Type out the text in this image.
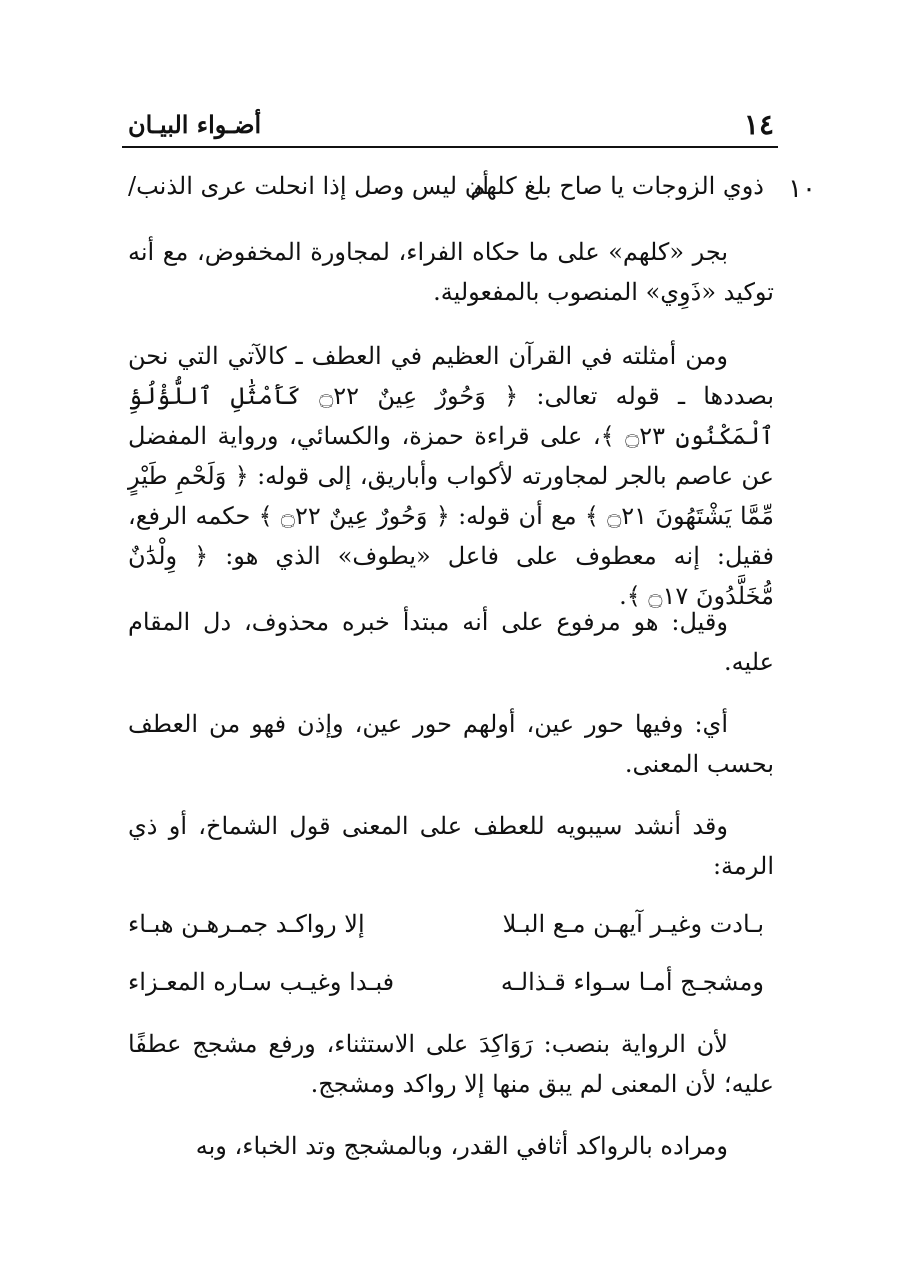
١٤
أضـواء البيـان
١٠
ذوي الزوجات يا صاح بلغ كلهم
أن ليس وصل إذا انحلت عرى الذنب/
بجر «كلهم» على ما حكاه الفراء، لمجاورة المخفوض، مع أنه توكيد «ذَوِي» المنصوب بالمفعولية.
ومن أمثلته في القرآن العظيم في العطف ـ كالآتي التي نحن بصددها ـ قوله تعالى: ﴿ وَحُورٌ عِينٌ ۝٢٢ كَأَمْثَٰلِ ٱللُّؤْلُؤِ ٱلْمَكْنُونِ ۝٢٣ ﴾، على قراءة حمزة، والكسائي، ورواية المفضل عن عاصم بالجر لمجاورته لأكواب وأباريق، إلى قوله: ﴿ وَلَحْمِ طَيْرٍ مِّمَّا يَشْتَهُونَ ۝٢١ ﴾ مع أن قوله: ﴿ وَحُورٌ عِينٌ ۝٢٢ ﴾ حكمه الرفع، فقيل: إنه معطوف على فاعل «يطوف» الذي هو: ﴿ وِلْدَٰنٌ مُّخَلَّدُونَ ۝١٧ ﴾.
وقيل: هو مرفوع على أنه مبتدأ خبره محذوف، دل المقام عليه.
أي: وفيها حور عين، أولهم حور عين، وإذن فهو من العطف بحسب المعنى.
وقد أنشد سيبويه للعطف على المعنى قول الشماخ، أو ذي الرمة:
بـادت وغيـر آيهـن مـع البـلا
إلا رواكـد جمـرهـن هبـاء
ومشجـج أمـا سـواء قـذالـه
فبـدا وغيـب سـاره المعـزاء
لأن الرواية بنصب: رَوَاكِدَ على الاستثناء، ورفع مشجج عطفًا عليه؛ لأن المعنى لم يبق منها إلا رواكد ومشجج.
ومراده بالرواكد أثافي القدر، وبالمشجج وتد الخباء، وبه
